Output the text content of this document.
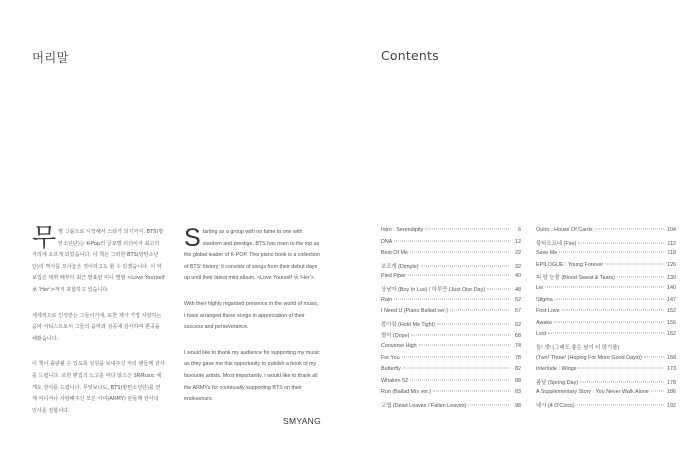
머리말

무명 그룹으로 시작해서 스타가 되기까지, BTS(방탄소년단)는 K-Pop의 글로벌 리더이자 최고의 자리에 오르게 되었습니다. 이 책은 그러한 BTS(방탄소년단)의 역사를 모아놓은 것이라고도 할 수 있겠습니다. 이 악보집은 데뷔 때부터 최근 발표된 미니 앨범 <Love Yourself 承 'Her'>까지 포함하고 있습니다.

세계적으로 인정받는 그들이기에, 또한 제가 가장 사랑하는 음악 아티스트로서 그들의 음악과 성공에 감사하며 편곡을 해봤습니다.

이 책이 출판될 수 있도록 성원을 보내주신 저의 팬들께 감사를 드립니다. 또한 편집의 노고를 마다 않으신 SRMusic 에게도 감사를 드립니다. 무엇보다도, BTS(방탄소년단)를 언제 어디서나 사랑해주신 모든 아미(ARMY) 분들께 감사의 인사를 전합니다.

Starting as a group with no fame to one with stardom and prestige, BTS has risen to the top as the global leader of K-POP. This piano book is a collection of BTS' history; it consists of songs from their debut days up until their latest mini album, <Love Yourself 承 'Her'>.

With their highly regarded presence in the world of music, I have arranged these songs in appreciation of their success and perseverance.

I would like to thank my audience for supporting my music as they gave me this opportunity to publish a book of my favourite artists. Most importantly, I would like to thank all the ARMYs for continually supporting BTS on their endeavours.

SMYANG
Contents
Intro : Serendipity	6
DNA	12
Best Of Me	22
보조개 (Dimple)	32
Pied Piper	40
상남자 (Boy In Luv) / 하루만 (Just One Day)	48
Rain	52
I Need U (Piano Ballad ver.)	57
잡아줘 (Hold Me Tight)	62
쩔어 (Dope)	68
Converse High	74
For You	78
Butterfly	82
Whalien 52	88
Run (Ballad Mix ver.)	93
고엽 (Dead Leaves / Fallen Leaves)	98
Outro : House Of Cards	104
불타오르네 (Fire)	112
Save Me	118
EPILOGUE : Young Forever	126
피 땀 눈물 (Blood Sweat & Tears)	130
Lie	140
Stigma	147
First Love	152
Awake	156
Lost	162
둘! 셋! (그래도 좋은 날이 더 많기를)
(Two! Three! (Hoping For More Good Days))	168
Interlude : Wings	173
봄날 (Spring Day)	178
A Supplementary Story : You Never Walk Alone	186
네시 (4 O'Clock)	192
